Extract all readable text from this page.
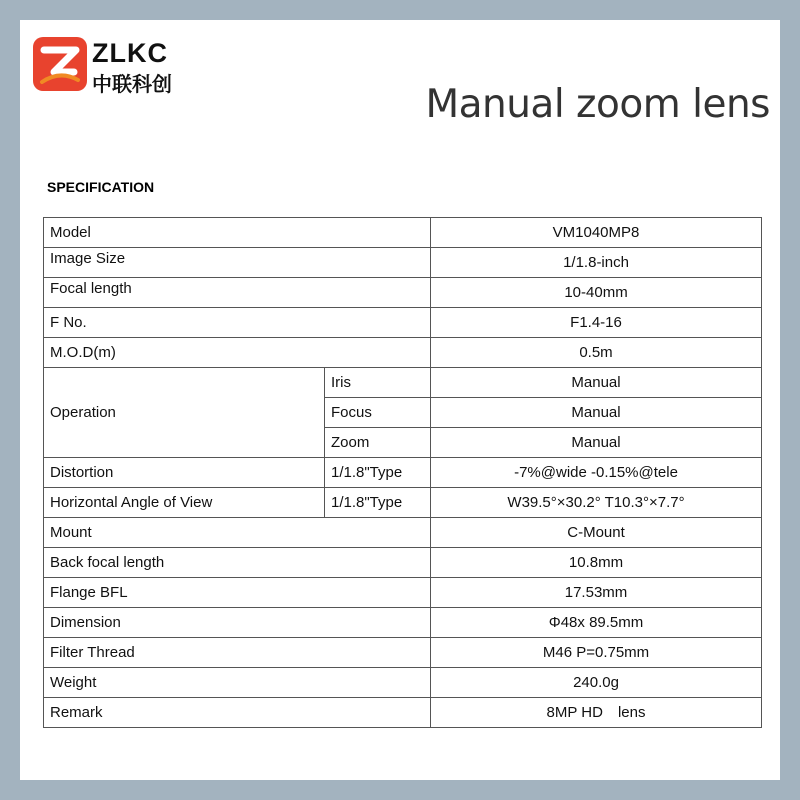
ZLKC
中联科创	Manual zoom lens
SPECIFICATION
Model		VM1040MP8
Image Size		1/1.8-inch
Focal length		10-40mm
F No.		F1.4-16
M.O.D(m)		0.5m
Operation	Iris	Manual
	Focus	Manual
	Zoom	Manual
Distortion	1/1.8"Type	-7%@wide -0.15%@tele
Horizontal Angle of View	1/1.8"Type	W39.5°×30.2° T10.3°×7.7°
Mount		C-Mount
Back focal length		10.8mm
Flange BFL		17.53mm
Dimension		Φ48x 89.5mm
Filter Thread		M46 P=0.75mm
Weight		240.0g
Remark		8MP HD　lens
